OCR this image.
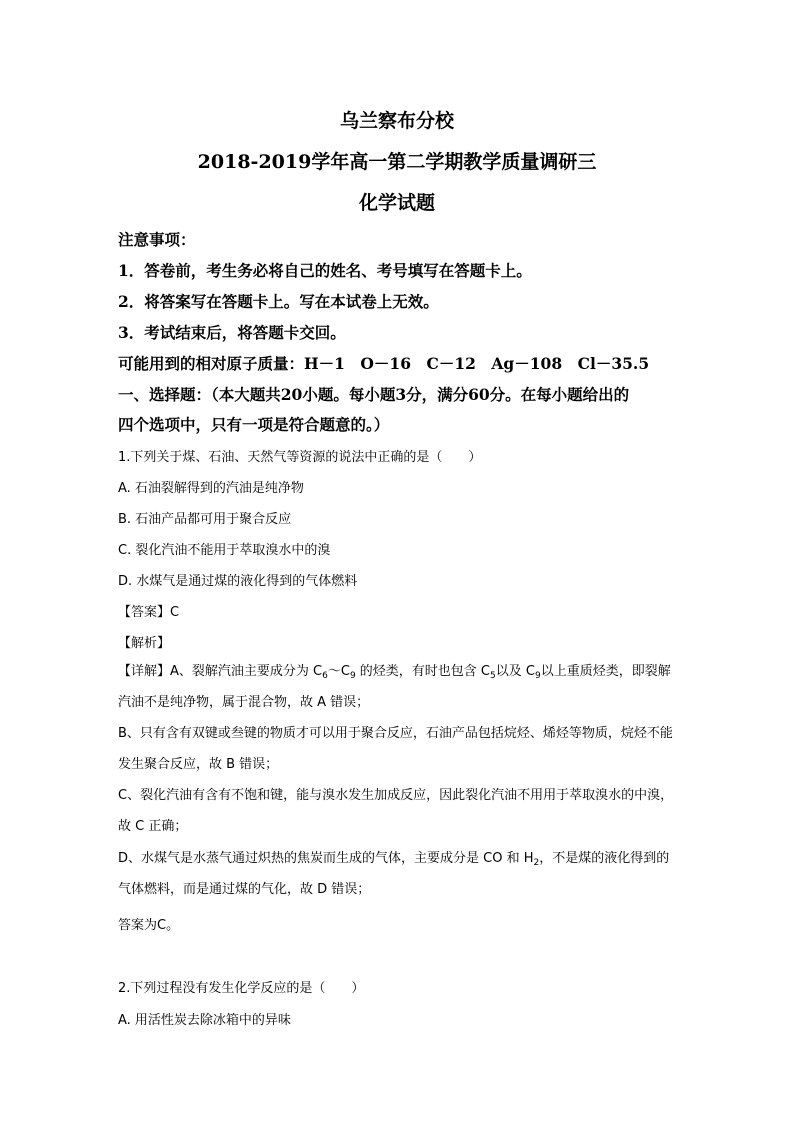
乌兰察布分校
2018-2019学年高一第二学期教学质量调研三
化学试题
注意事项：
1．答卷前，考生务必将自己的姓名、考号填写在答题卡上。
2．将答案写在答题卡上。写在本试卷上无效。
3．考试结束后，将答题卡交回。
可能用到的相对原子质量：H－1　O－16　C－12　Ag－108　Cl－35.5
一、选择题：（本大题共20小题。每小题3分，满分60分。在每小题给出的
四个选项中，只有一项是符合题意的。）
1.下列关于煤、石油、天然气等资源的说法中正确的是（　　）
A. 石油裂解得到的汽油是纯净物
B. 石油产品都可用于聚合反应
C. 裂化汽油不能用于萃取溴水中的溴
D. 水煤气是通过煤的液化得到的气体燃料
【答案】C
【解析】
【详解】A、裂解汽油主要成分为 $C_6\sim C_9$ 的烃类，有时也包含 $C_5$以及 $C_9$以上重质烃类，即裂解汽油不是纯净物，属于混合物，故 A 错误；
B、只有含有双键或叁键的物质才可以用于聚合反应，石油产品包括烷烃、烯烃等物质，烷烃不能发生聚合反应，故 B 错误；
C、裂化汽油有含有不饱和键，能与溴水发生加成反应，因此裂化汽油不用用于萃取溴水的中溴，故 C 正确；
D、水煤气是水蒸气通过炽热的焦炭而生成的气体，主要成分是 CO 和 $H_2$，不是煤的液化得到的气体燃料，而是通过煤的气化，故 D 错误；
答案为C。
2.下列过程没有发生化学反应的是（　　）
A. 用活性炭去除冰箱中的异味
